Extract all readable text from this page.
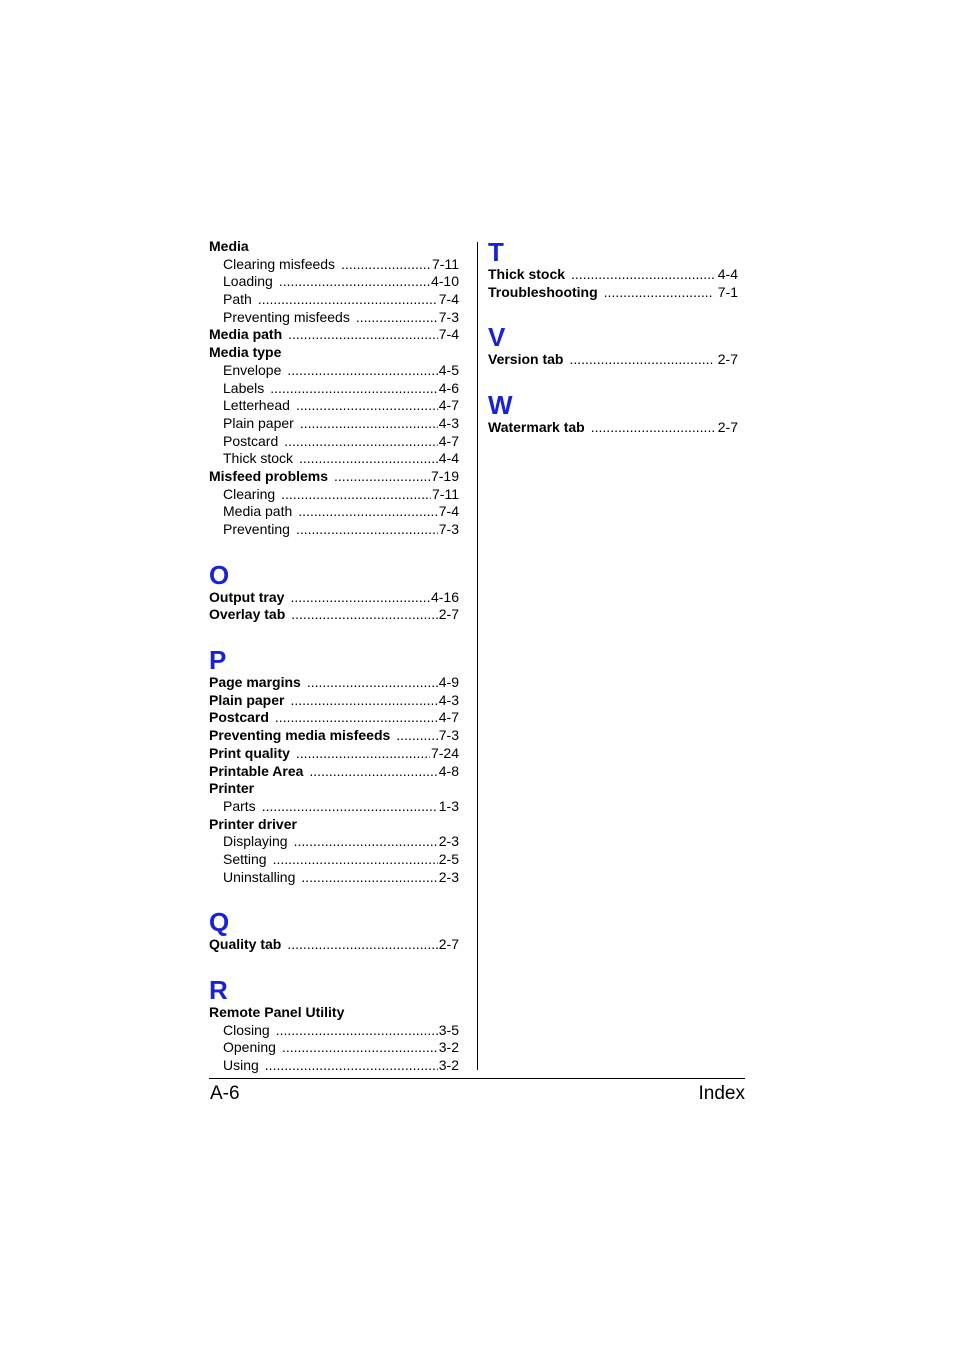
Media
Clearing misfeeds .....	7-11
Loading .....	4-10
Path .....	7-4
Preventing misfeeds .....	7-3
Media path .....	7-4
Media type
Envelope .....	4-5
Labels .....	4-6
Letterhead .....	4-7
Plain paper .....	4-3
Postcard .....	4-7
Thick stock .....	4-4
Misfeed problems .....	7-19
Clearing .....	7-11
Media path .....	7-4
Preventing .....	7-3
O
Output tray .....	4-16
Overlay tab .....	2-7
P
Page margins .....	4-9
Plain paper .....	4-3
Postcard .....	4-7
Preventing media misfeeds .....	7-3
Print quality .....	7-24
Printable Area .....	4-8
Printer
Parts .....	1-3
Printer driver
Displaying .....	2-3
Setting .....	2-5
Uninstalling .....	2-3
Q
Quality tab .....	2-7
R
Remote Panel Utility
Closing .....	3-5
Opening .....	3-2
Using .....	3-2
T
Thick stock .....	4-4
Troubleshooting .....	7-1
V
Version tab .....	2-7
W
Watermark tab .....	2-7
A-6	Index
